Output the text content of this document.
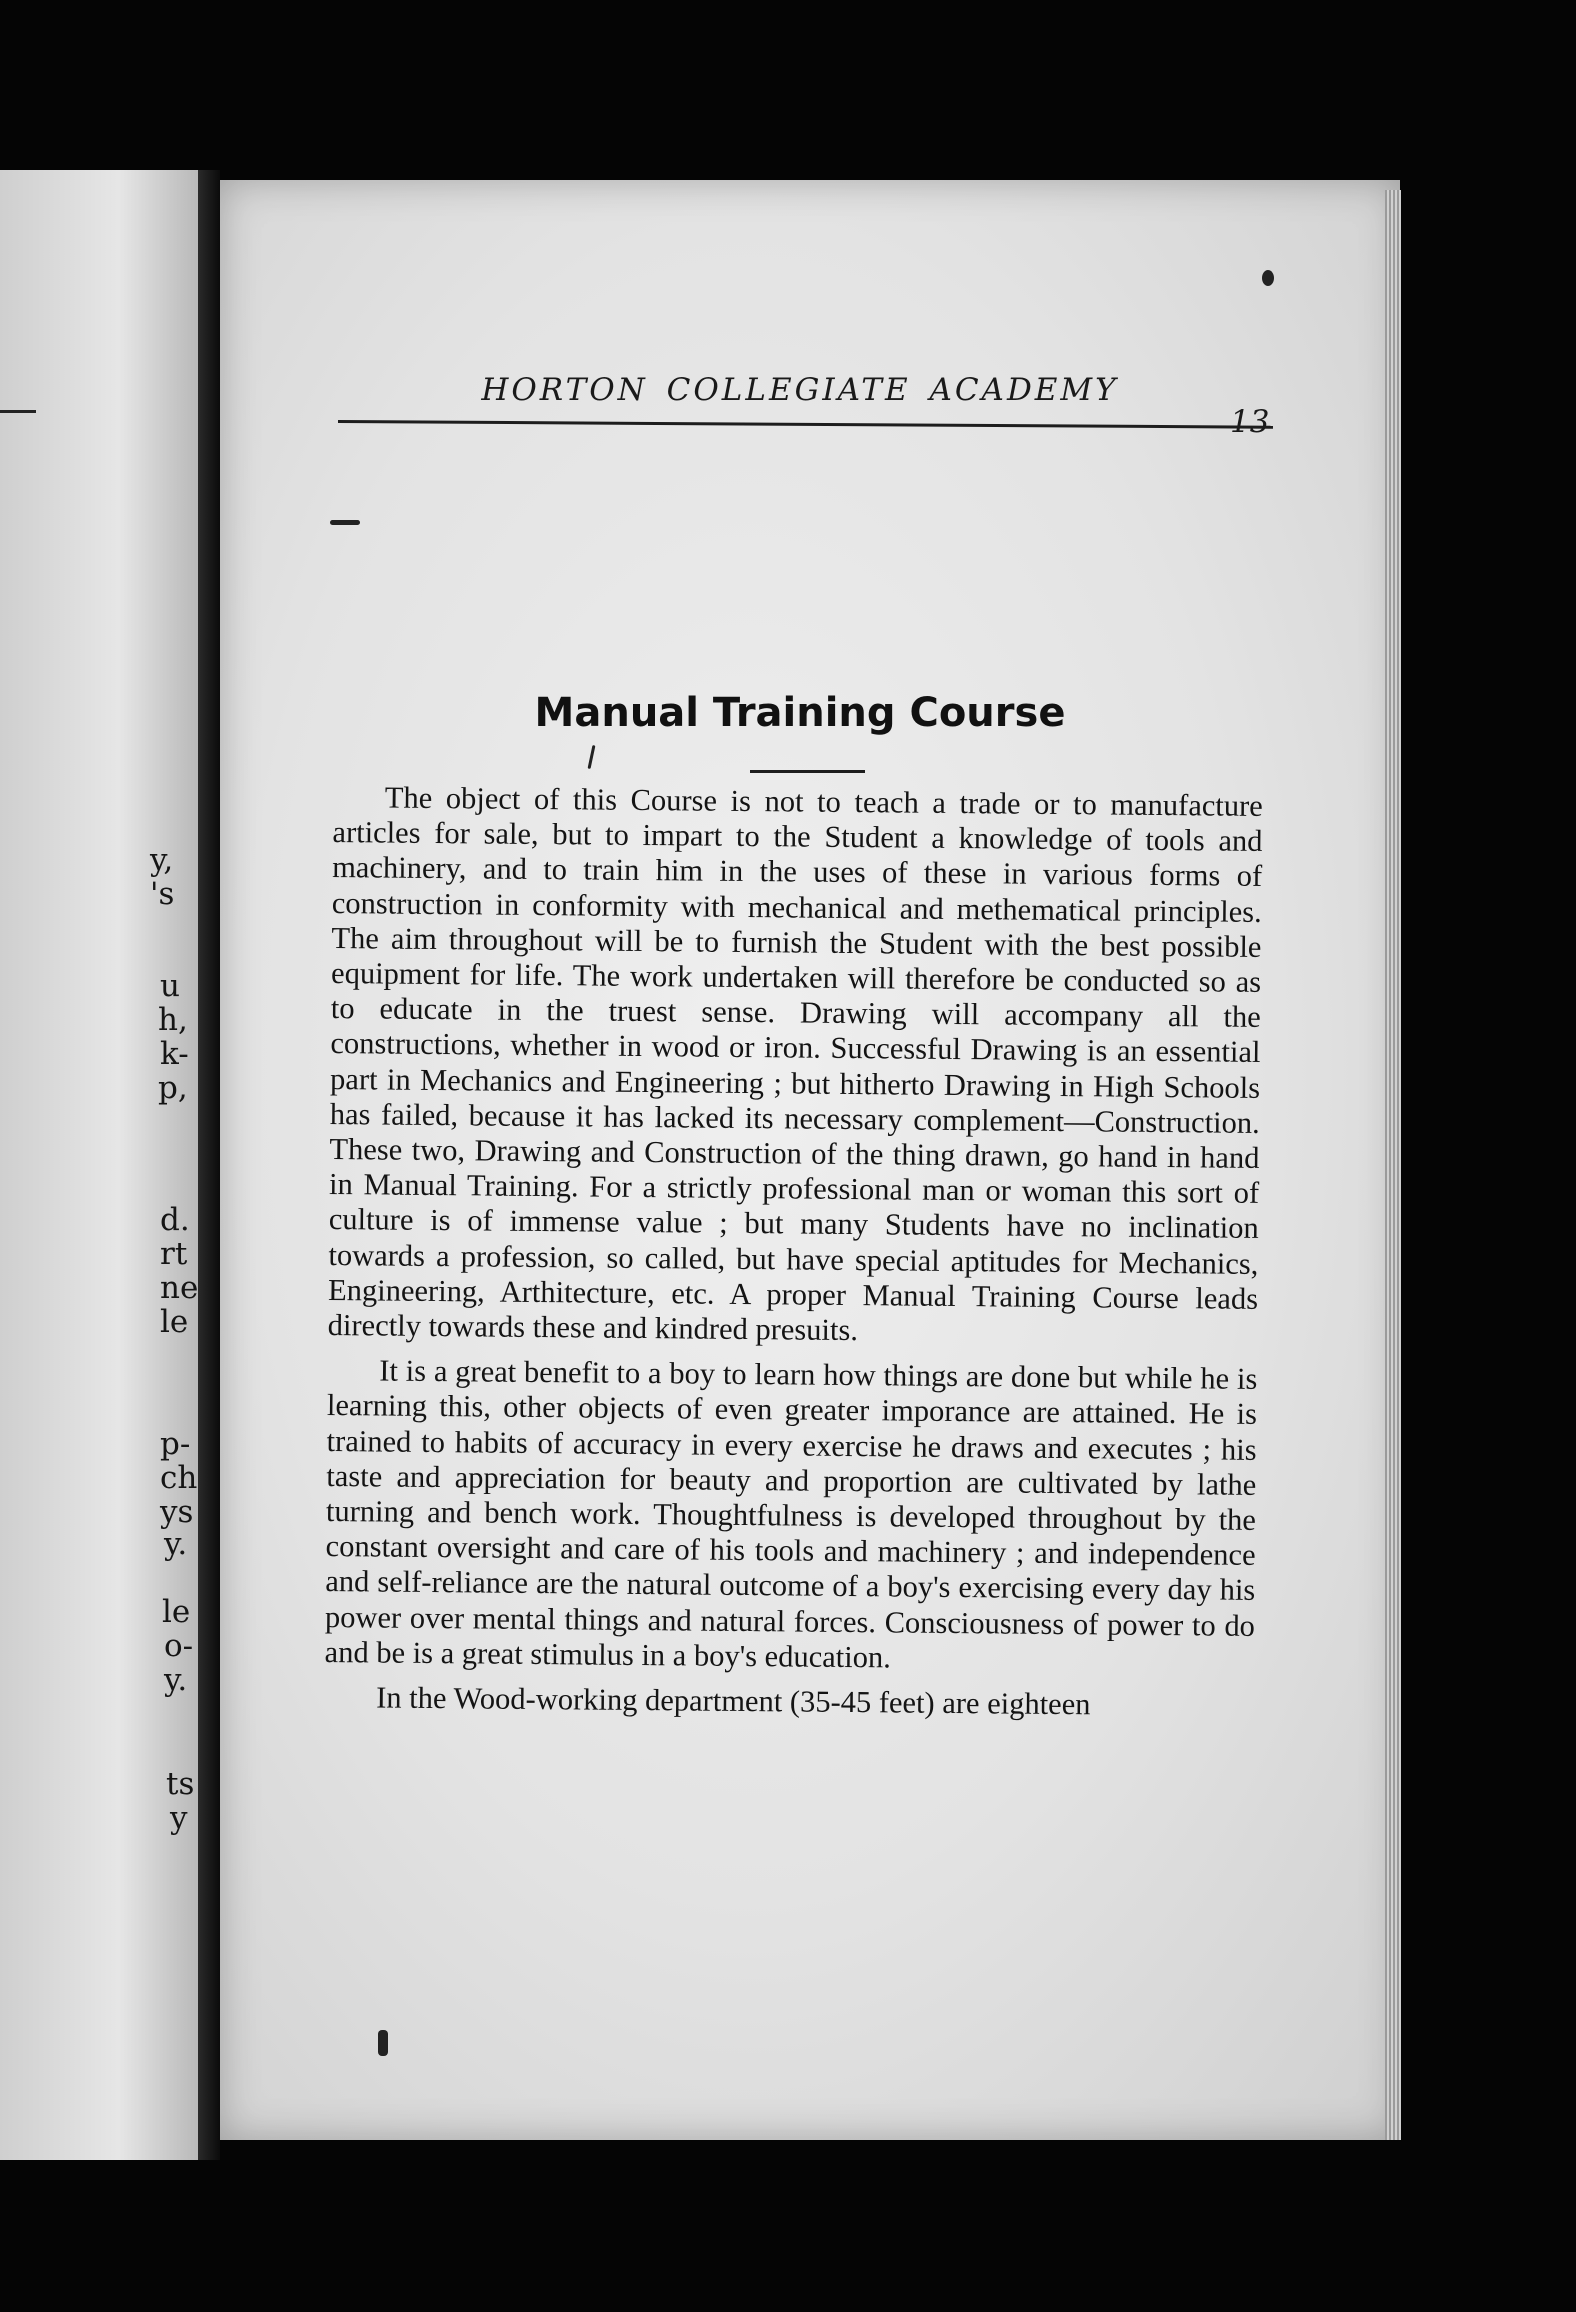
y,
's
u
h,
k-
p,
d.
rt
ne
le
p-
ch
ys
y.
le
o-
y.
ts
y
HORTON COLLEGIATE ACADEMY
13
Manual Training Course

The object of this Course is not to teach a trade or to manufacture articles for sale, but to impart to the Student a knowledge of tools and machinery, and to train him in the uses of these in various forms of construction in conformity with mechanical and methematical principles. The aim throughout will be to furnish the Student with the best possible equipment for life. The work undertaken will therefore be conducted so as to educate in the truest sense. Drawing will accompany all the constructions, whether in wood or iron. Successful Drawing is an essential part in Mechanics and Engineering ; but hitherto Drawing in High Schools has failed, because it has lacked its necessary complement—Construction. These two, Drawing and Construction of the thing drawn, go hand in hand in Manual Training. For a strictly professional man or woman this sort of culture is of immense value ; but many Students have no inclination towards a profession, so called, but have special aptitudes for Mechanics, Engineering, Arthitecture, etc. A proper Manual Training Course leads directly towards these and kindred presuits.

It is a great benefit to a boy to learn how things are done but while he is learning this, other objects of even greater imporance are attained. He is trained to habits of accuracy in every exercise he draws and executes ; his taste and appreciation for beauty and proportion are cultivated by lathe turning and bench work. Thoughtfulness is developed throughout by the constant oversight and care of his tools and machinery ; and independence and self-reliance are the natural outcome of a boy's exercising every day his power over mental things and natural forces. Consciousness of power to do and be is a great stimulus in a boy's education.

In the Wood-working department (35-45 feet) are eighteen
